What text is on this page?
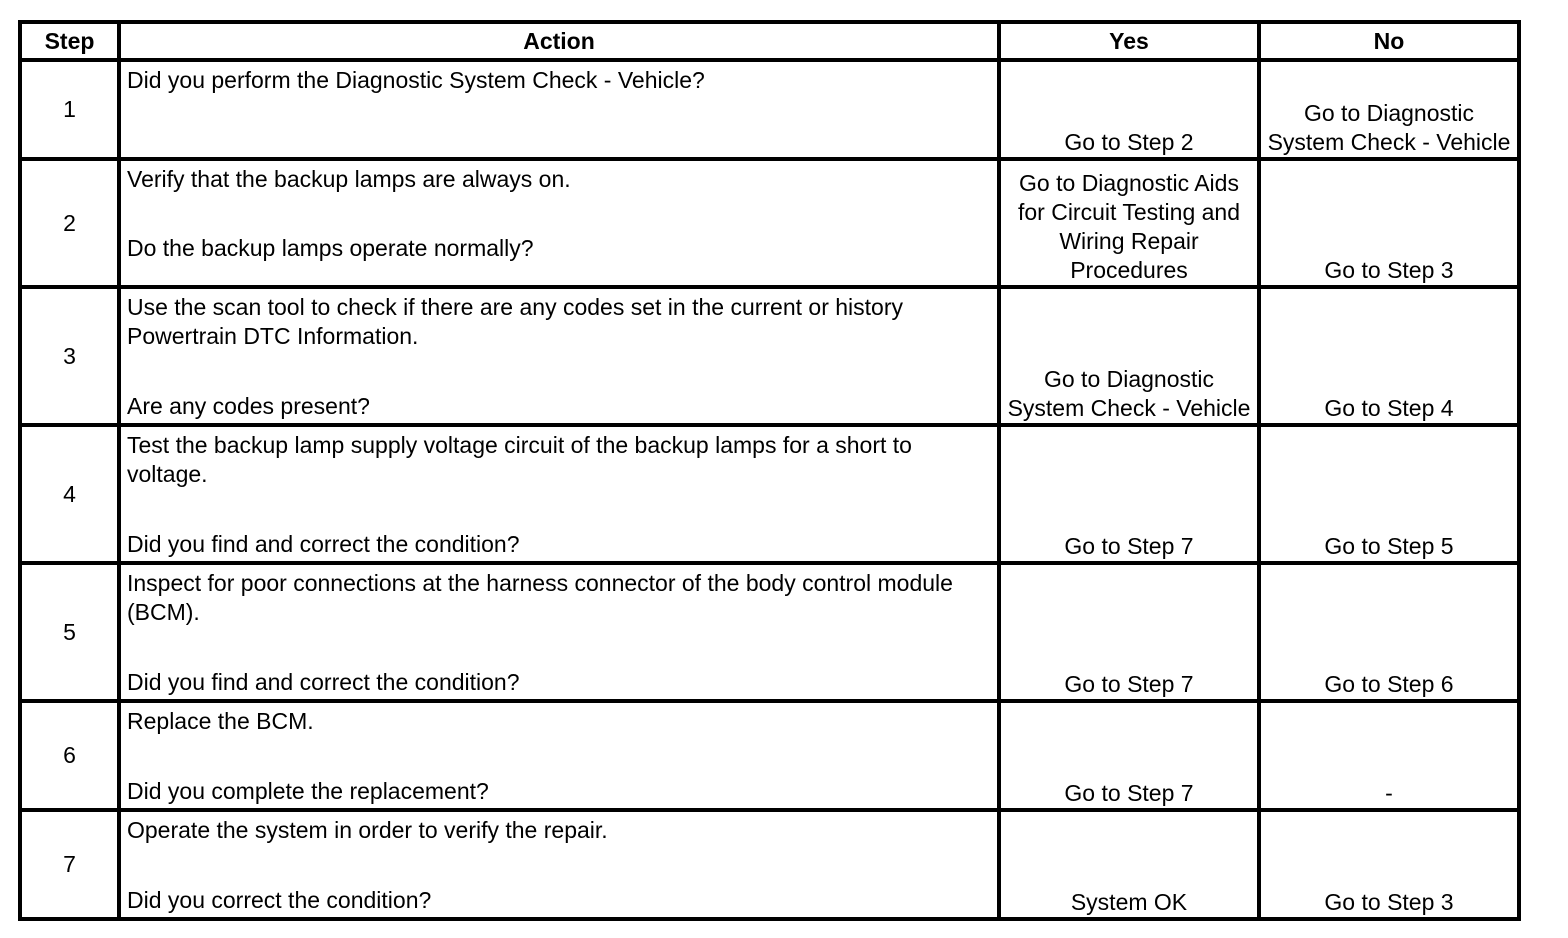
Step	Action	Yes	No
1	Did you perform the Diagnostic System Check - Vehicle?	Go to Step 2	Go to Diagnostic System Check - Vehicle

2	Verify that the backup lamps are always on.
Do the backup lamps operate normally?	Go to Diagnostic Aids for Circuit Testing and Wiring Repair Procedures	Go to Step 3

3	Use the scan tool to check if there are any codes set in the current or history Powertrain DTC Information.
Are any codes present?	Go to Diagnostic System Check - Vehicle	Go to Step 4

4	Test the backup lamp supply voltage circuit of the backup lamps for a short to voltage.
Did you find and correct the condition?	Go to Step 7	Go to Step 5

5	Inspect for poor connections at the harness connector of the body control module (BCM).
Did you find and correct the condition?	Go to Step 7	Go to Step 6

6	Replace the BCM.
Did you complete the replacement?	Go to Step 7	-

7	Operate the system in order to verify the repair.
Did you correct the condition?	System OK	Go to Step 3
